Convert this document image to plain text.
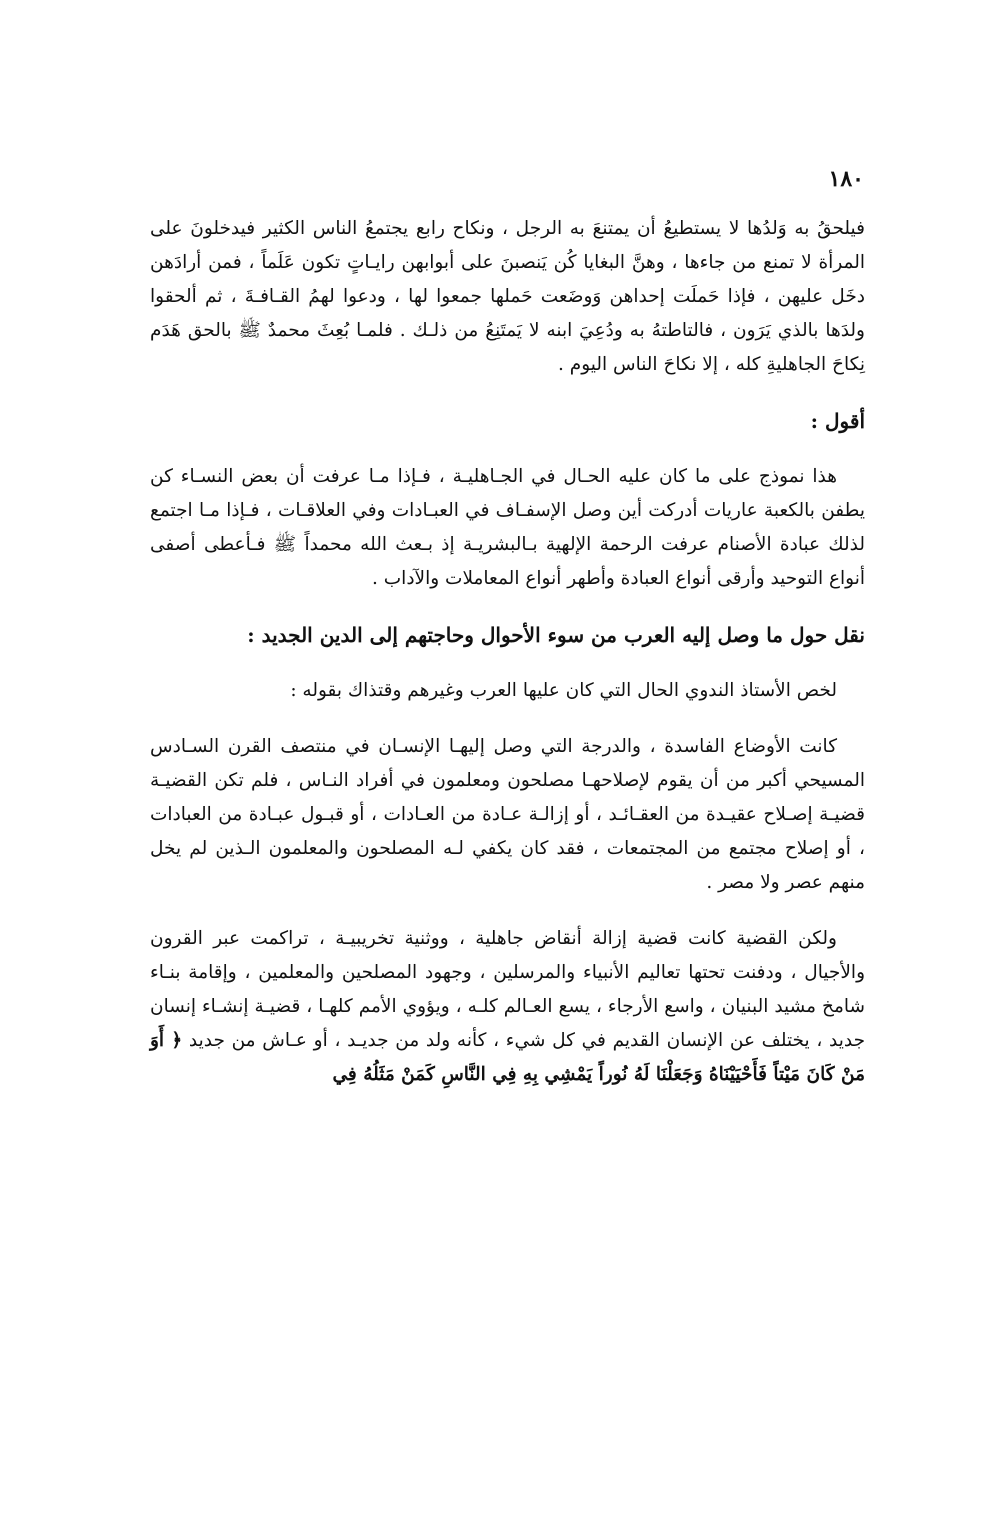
١٨٠

فيلحقُ به وَلدُها لا يستطيعُ أن يمتنعَ به الرجل ، ونكاح رابع يجتمعُ الناس الكثير فيدخلونَ على المرأة لا تمنع من جاءها ، وهنَّ البغايا كُن يَنصبنَ على أبوابهن رايـاتٍ تكون عَلَماً ، فمن أرادَهن دخَل عليهن ، فإذا حَملَت إحداهن وَوضَعت حَملها جمعوا لها ، ودعوا لهمُ القـافـةَ ، ثم ألحقوا ولدَها بالذي يَرَون ، فالتاطتهُ به ودُعِيَ ابنه لا يَمتَنِعُ من ذلـك . فلمـا بُعِثَ محمدٌ ﷺ بالحق هَدَم نِكاحَ الجاهليةِ كله ، إلا نكاحَ الناس اليوم .

أقول :

هذا نموذج على ما كان عليه الحـال في الجـاهليـة ، فـإذا مـا عرفت أن بعض النسـاء كن يطفن بالكعبة عاريات أدركت أين وصل الإسفـاف في العبـادات وفي العلاقـات ، فـإذا مـا اجتمع لذلك عبادة الأصنام عرفت الرحمة الإلهية بـالبشريـة إذ بـعث الله محمداً ﷺ فـأعطى أصفى أنواع التوحيد وأرقى أنواع العبادة وأطهر أنواع المعاملات والآداب .

نقل حول ما وصل إليه العرب من سوء الأحوال وحاجتهم إلى الدين الجديد :

لخص الأستاذ الندوي الحال التي كان عليها العرب وغيرهم وقتذاك بقوله :

كانت الأوضاع الفاسدة ، والدرجة التي وصل إليهـا الإنسـان في منتصف القرن السـادس المسيحي أكبر من أن يقوم لإصلاحهـا مصلحون ومعلمون في أفراد النـاس ، فلم تكن القضيـة قضيـة إصـلاح عقيـدة من العقـائـد ، أو إزالـة عـادة من العـادات ، أو قبـول عبـادة من العبادات ، أو إصلاح مجتمع من المجتمعات ، فقد كان يكفي لـه المصلحون والمعلمون الـذين لم يخل منهم عصر ولا مصر .

ولكن القضية كانت قضية إزالة أنقاض جاهلية ، ووثنية تخريبيـة ، تراكمت عبر القرون والأجيال ، ودفنت تحتها تعاليم الأنبياء والمرسلين ، وجهود المصلحين والمعلمين ، وإقامة بنـاء شامخ مشيد البنيان ، واسع الأرجاء ، يسع العـالم كلـه ، ويؤوي الأمم كلهـا ، قضيـة إنشـاء إنسان جديد ، يختلف عن الإنسان القديم في كل شيء ، كأنه ولد من جديـد ، أو عـاش من جديد ﴿ أَوَ مَنْ كَانَ مَيْتاً فَأَحْيَيْنَاهُ وَجَعَلْنَا لَهُ نُوراً يَمْشِي بِهِ فِي النَّاسِ كَمَنْ مَثَلُهُ فِي
